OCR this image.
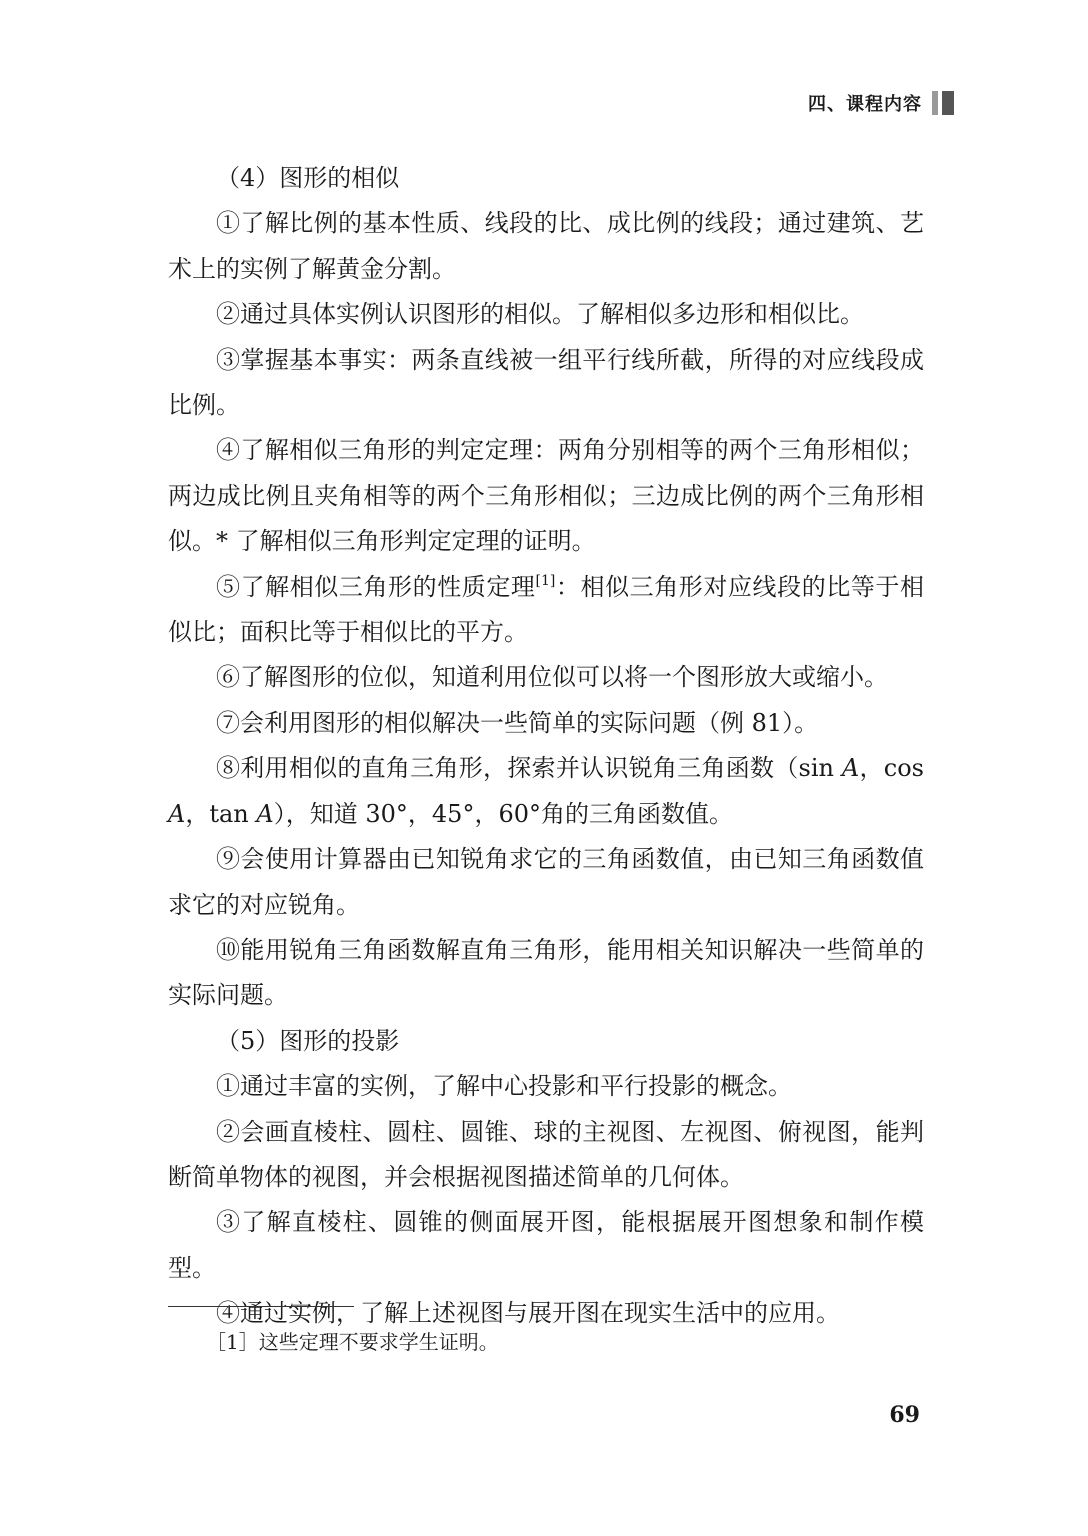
四、课程内容

（4）图形的相似

①了解比例的基本性质、线段的比、成比例的线段；通过建筑、艺术上的实例了解黄金分割。

②通过具体实例认识图形的相似。了解相似多边形和相似比。

③掌握基本事实：两条直线被一组平行线所截，所得的对应线段成比例。

④了解相似三角形的判定定理：两角分别相等的两个三角形相似；两边成比例且夹角相等的两个三角形相似；三边成比例的两个三角形相似。* 了解相似三角形判定定理的证明。

⑤了解相似三角形的性质定理[1]：相似三角形对应线段的比等于相似比；面积比等于相似比的平方。

⑥了解图形的位似，知道利用位似可以将一个图形放大或缩小。

⑦会利用图形的相似解决一些简单的实际问题（例 81）。

⑧利用相似的直角三角形，探索并认识锐角三角函数（sin A，cos A，tan A），知道 30°，45°，60°角的三角函数值。

⑨会使用计算器由已知锐角求它的三角函数值，由已知三角函数值求它的对应锐角。

⑩能用锐角三角函数解直角三角形，能用相关知识解决一些简单的实际问题。

（5）图形的投影

①通过丰富的实例，了解中心投影和平行投影的概念。

②会画直棱柱、圆柱、圆锥、球的主视图、左视图、俯视图，能判断简单物体的视图，并会根据视图描述简单的几何体。

③了解直棱柱、圆锥的侧面展开图，能根据展开图想象和制作模型。

④通过实例，了解上述视图与展开图在现实生活中的应用。

［1］这些定理不要求学生证明。
69
